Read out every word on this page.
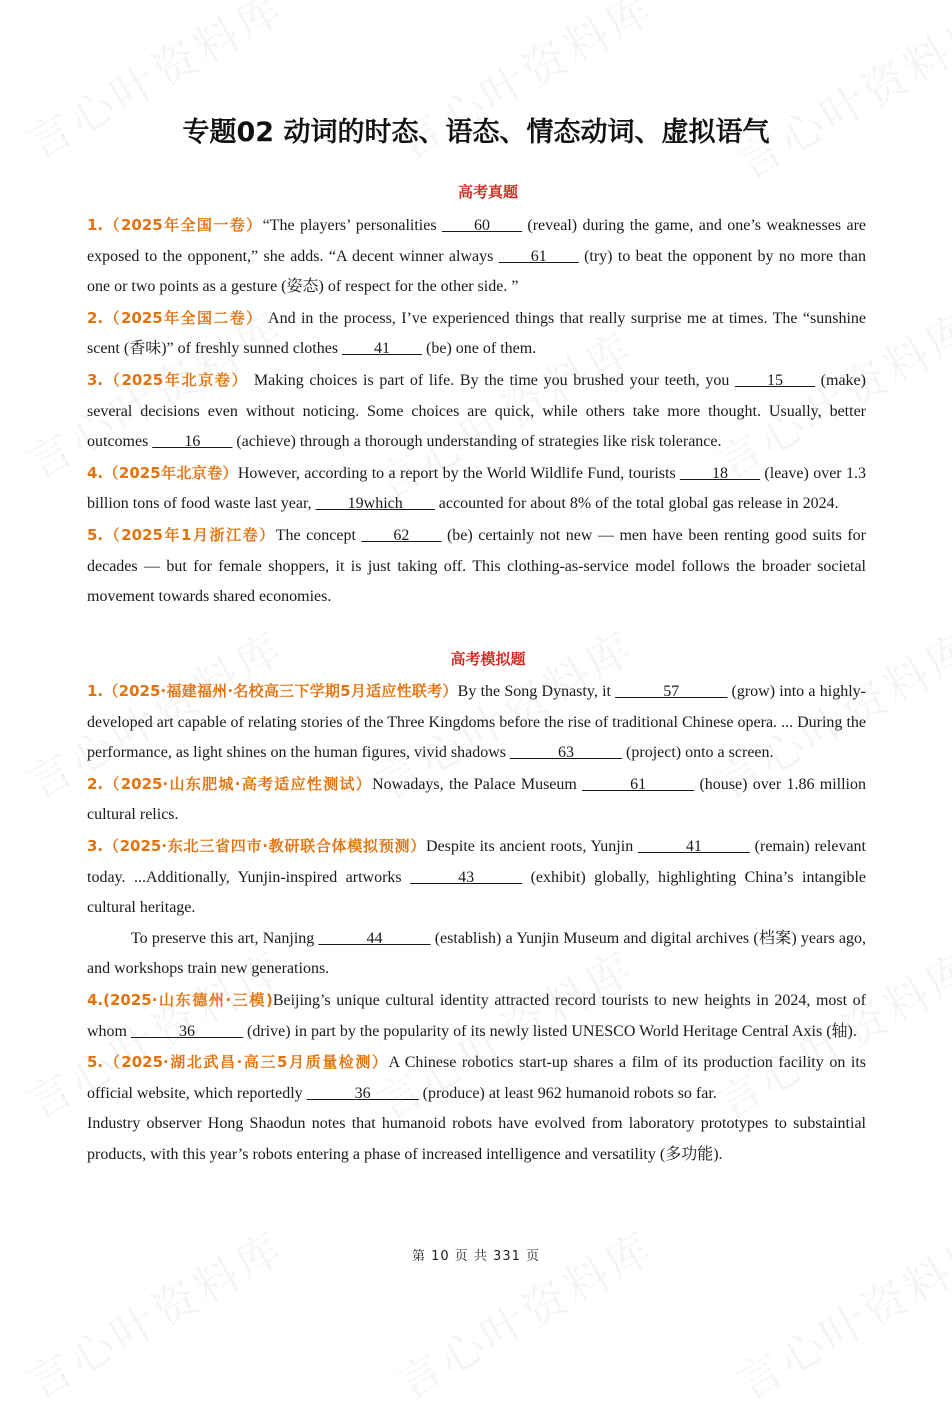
专题02 动词的时态、语态、情态动词、虚拟语气
高考真题

1.（2025年全国一卷）“The players’ personalities ____60____ (reveal) during the game, and one’s weaknesses are exposed to the opponent,” she adds. “A decent winner always ____61____ (try) to beat the opponent by no more than one or two points as a gesture (姿态) of respect for the other side. ”

2.（2025年全国二卷） And in the process, I’ve experienced things that really surprise me at times. The “sunshine scent (香味)” of freshly sunned clothes ____41____ (be) one of them.

3.（2025年北京卷） Making choices is part of life. By the time you brushed your teeth, you ____15____ (make) several decisions even without noticing. Some choices are quick, while others take more thought. Usually, better outcomes ____16____ (achieve) through a thorough understanding of strategies like risk tolerance.

4.（2025年北京卷）However, according to a report by the World Wildlife Fund, tourists ____18____ (leave) over 1.3 billion tons of food waste last year, ____19which____ accounted for about 8% of the total global gas release in 2024.

5.（2025年1月浙江卷）The concept ____62____ (be) certainly not new — men have been renting good suits for decades — but for female shoppers, it is just taking off. This clothing-as-service model follows the broader societal movement towards shared economies.

高考模拟题

1.（2025·福建福州·名校高三下学期5月适应性联考）By the Song Dynasty, it ______57______ (grow) into a highly-developed art capable of relating stories of the Three Kingdoms before the rise of traditional Chinese opera. ... During the performance, as light shines on the human figures, vivid shadows ______63______ (project) onto a screen.

2.（2025·山东肥城·高考适应性测试）Nowadays, the Palace Museum ______61______ (house) over 1.86 million cultural relics.

3.（2025·东北三省四市·教研联合体模拟预测）Despite its ancient roots, Yunjin ______41______ (remain) relevant today. ...Additionally, Yunjin-inspired artworks ______43______ (exhibit) globally, highlighting China’s intangible cultural heritage.

To preserve this art, Nanjing ______44______ (establish) a Yunjin Museum and digital archives (档案) years ago, and workshops train new generations.

4.(2025·山东德州·三模)Beijing’s unique cultural identity attracted record tourists to new heights in 2024, most of whom ______36______ (drive) in part by the popularity of its newly listed UNESCO World Heritage Central Axis (轴).

5.（2025·湖北武昌·高三5月质量检测）A Chinese robotics start-up shares a film of its production facility on its official website, which reportedly ______36______ (produce) at least 962 humanoid robots so far.

Industry observer Hong Shaodun notes that humanoid robots have evolved from laboratory prototypes to substaintial products, with this year’s robots entering a phase of increased intelligence and versatility (多功能).

第 10 页 共 331 页
